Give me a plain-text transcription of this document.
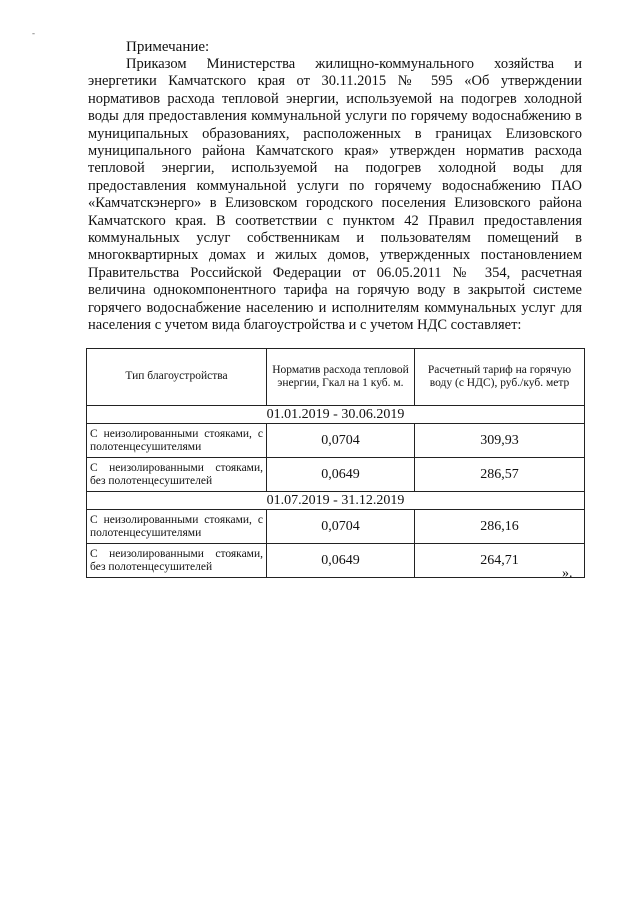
-
Примечание:

Приказом Министерства жилищно-коммунального хозяйства и энергетики Камчатского края от 30.11.2015 № 595 «Об утверждении нормативов расхода тепловой энергии, используемой на подогрев холодной воды для предоставления коммунальной услуги по горячему водоснабжению в муниципальных образованиях, расположенных в границах Елизовского муниципального района Камчатского края» утвержден норматив расхода тепловой энергии, используемой на подогрев холодной воды для предоставления коммунальной услуги по горячему водоснабжению ПАО «Камчатскэнерго» в Елизовском городского поселения Елизовского района Камчатского края. В соответствии с пунктом 42 Правил предоставления коммунальных услуг собственникам и пользователям помещений в многоквартирных домах и жилых домов, утвержденных постановлением Правительства Российской Федерации от 06.05.2011 № 354, расчетная величина однокомпонентного тарифа на горячую воду в закрытой системе горячего водоснабжение населению и исполнителям коммунальных услуг для населения с учетом вида благоустройства и с учетом НДС составляет:

Тип благоустройства	Норматив расхода тепловой энергии, Гкал на 1 куб. м.	Расчетный тариф на горячую воду (с НДС), руб./куб. метр
01.01.2019 - 30.06.2019		
С неизолированными стояками, с полотенцесушителями	0,0704	309,93
С неизолированными стояками, без полотенцесушителей	0,0649	286,57
01.07.2019 - 31.12.2019		
С неизолированными стояками, с полотенцесушителями	0,0704	286,16
С неизолированными стояками, без полотенцесушителей	0,0649	264,71
».
